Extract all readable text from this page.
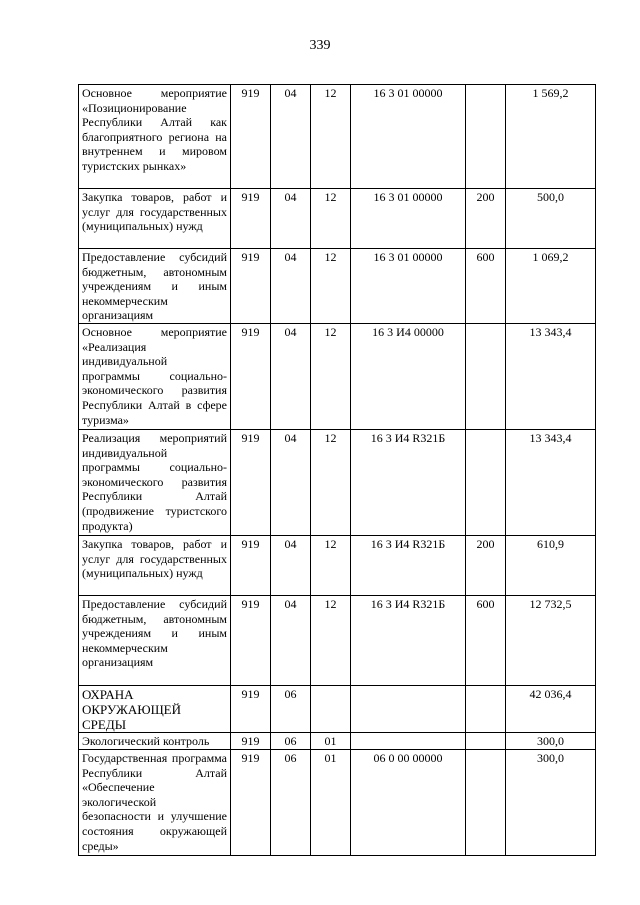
339
Основное мероприятие «Позиционирование Республики Алтай как благоприятного региона на внутреннем и мировом туристских рынках»	919	04	12	16 3 01 00000		1 569,2
Закупка товаров, работ и услуг для государственных (муниципальных) нужд	919	04	12	16 3 01 00000	200	500,0
Предоставление субсидий бюджетным, автономным учреждениям и иным некоммерческим организациям	919	04	12	16 3 01 00000	600	1 069,2
Основное мероприятие «Реализация индивидуальной программы социально-экономического развития Республики Алтай в сфере туризма»	919	04	12	16 3 И4 00000		13 343,4
Реализация мероприятий индивидуальной программы социально-экономического развития Республики Алтай (продвижение туристского продукта)	919	04	12	16 3 И4 R321Б		13 343,4
Закупка товаров, работ и услуг для государственных (муниципальных) нужд	919	04	12	16 3 И4 R321Б	200	610,9
Предоставление субсидий бюджетным, автономным учреждениям и иным некоммерческим организациям	919	04	12	16 3 И4 R321Б	600	12 732,5
ОХРАНА ОКРУЖАЮЩЕЙ СРЕДЫ	919	06				42 036,4
Экологический контроль	919	06	01			300,0
Государственная программа Республики Алтай «Обеспечение экологической безопасности и улучшение состояния окружающей среды»	919	06	01	06 0 00 00000		300,0
